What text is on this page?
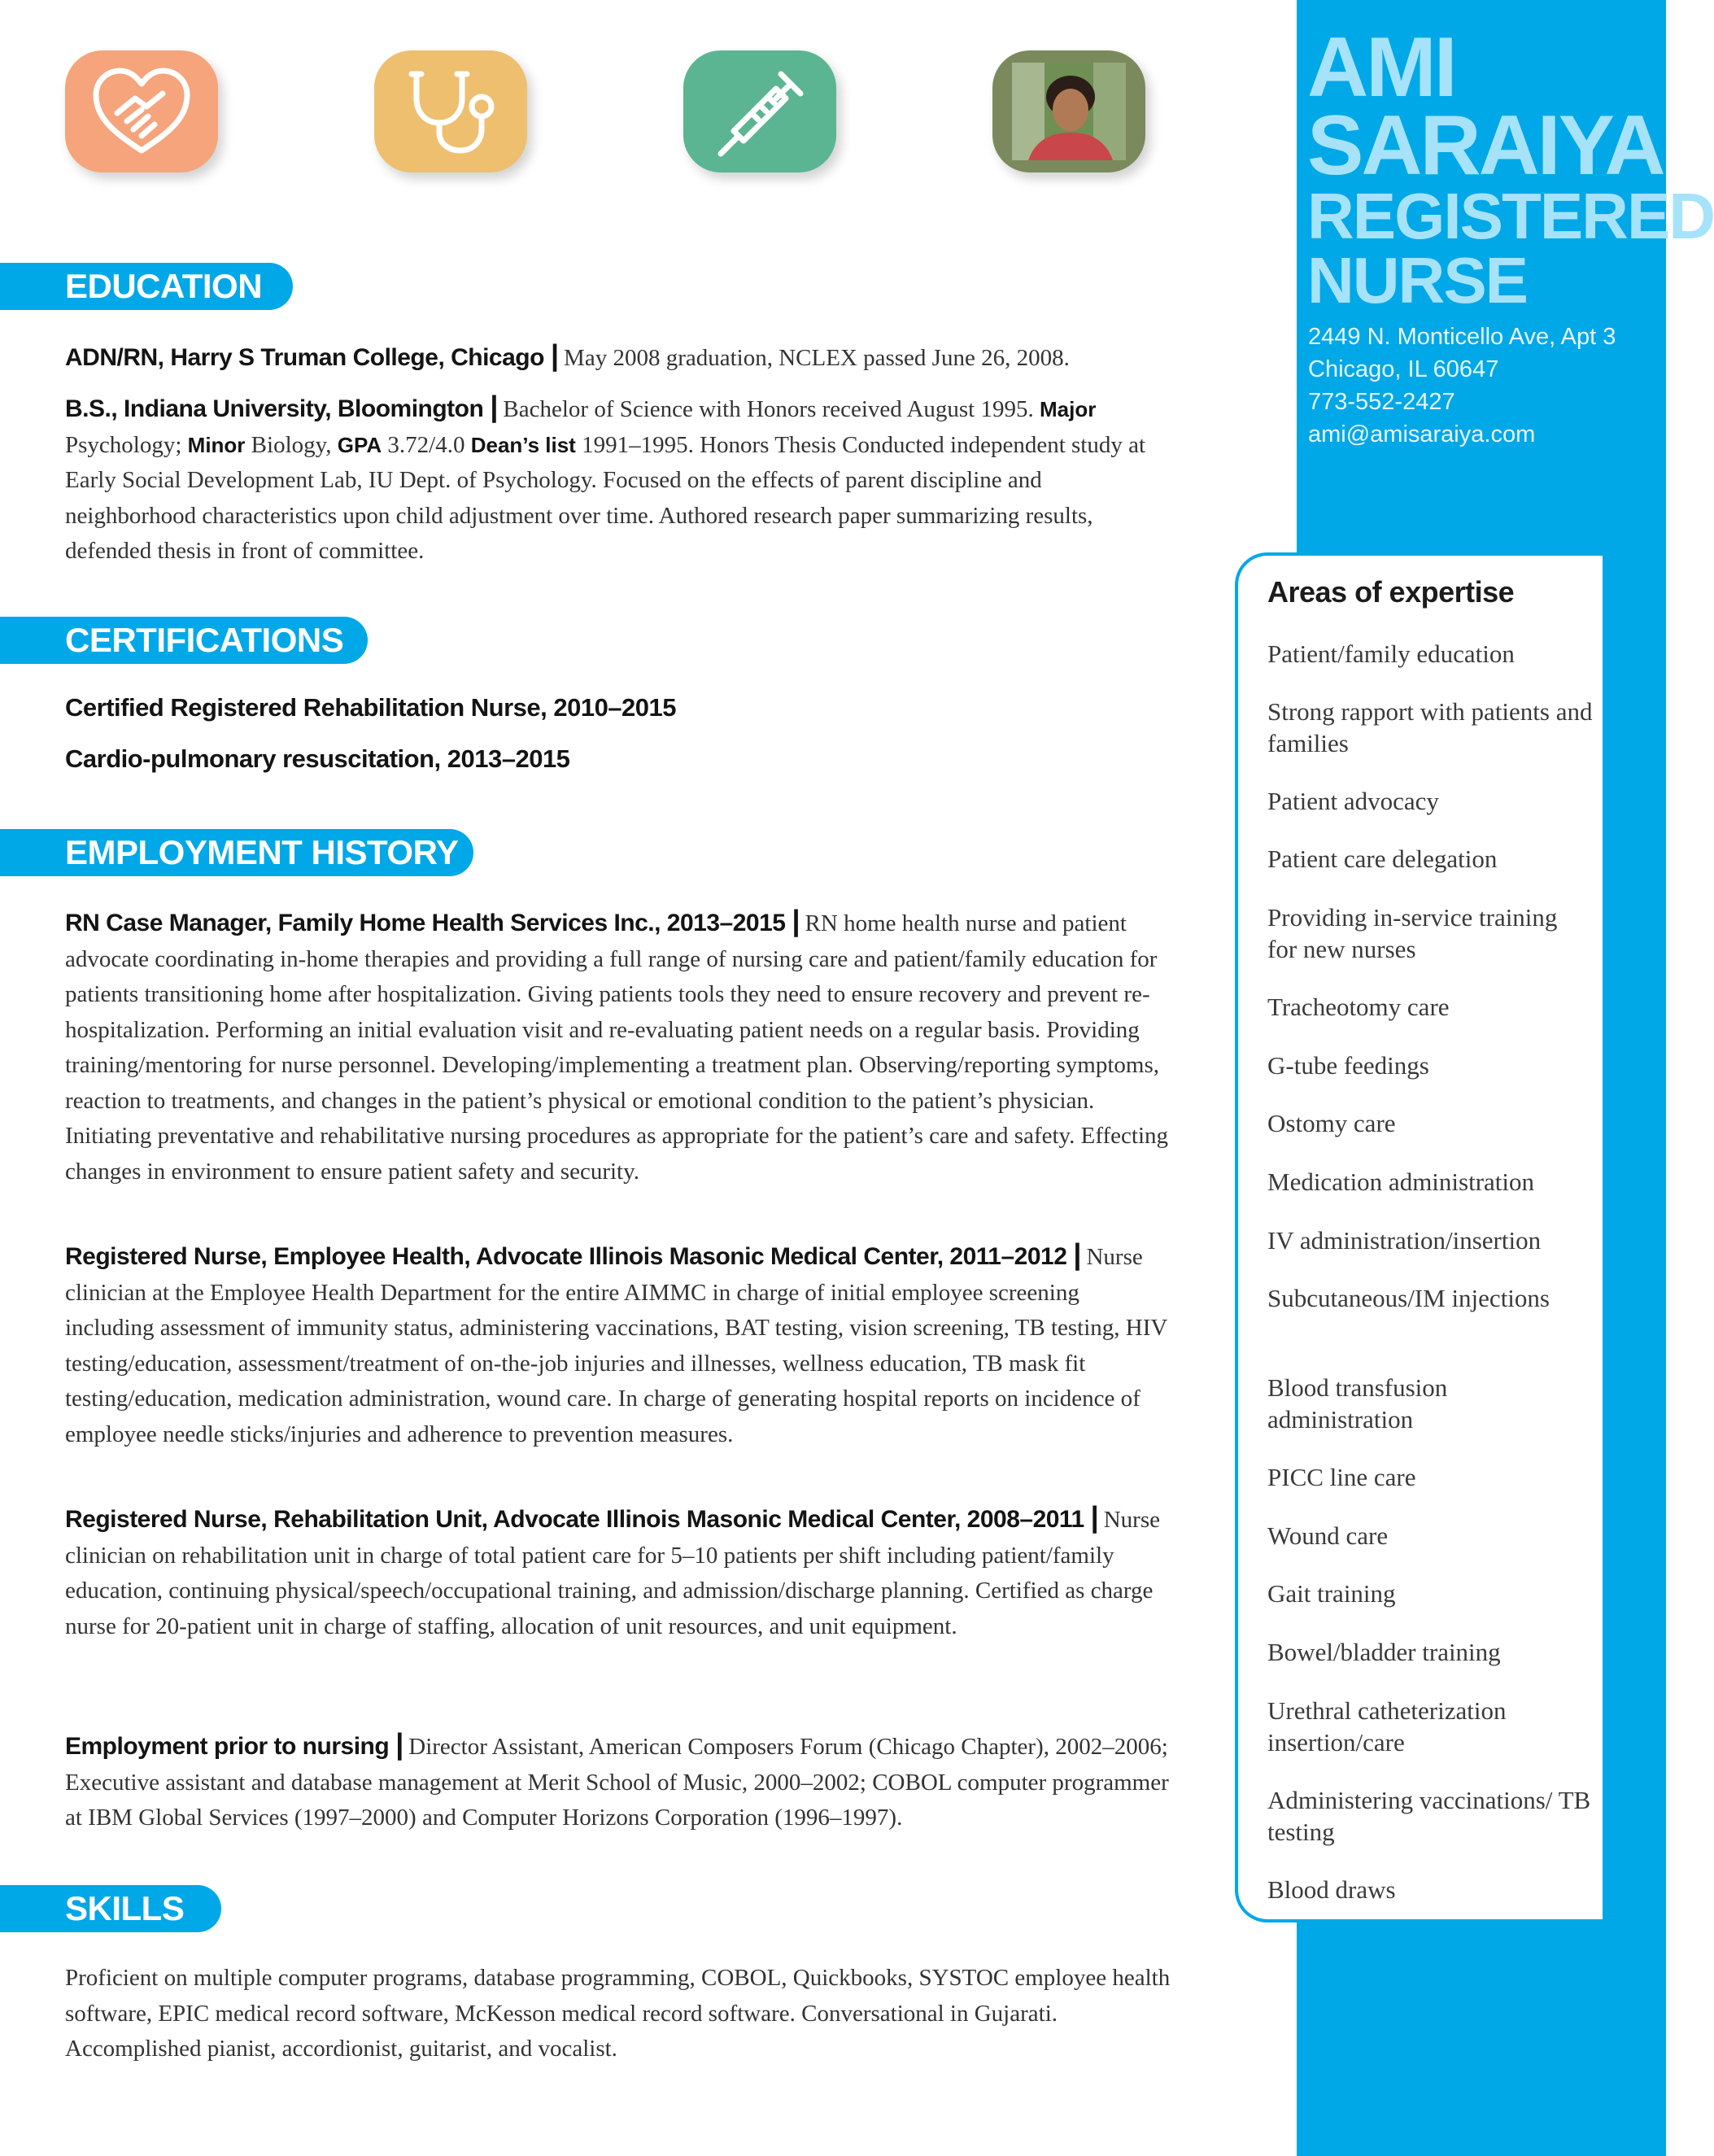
AMI

SARAIYA

REGISTERED

NURSE

2449 N. Monticello Ave, Apt 3
Chicago, IL 60647
773-552-2427
ami@amisaraiya.com

Areas of expertise

Patient/family education
Strong rapport with patients and families
Patient advocacy
Patient care delegation
Providing in-service training for new nurses
Tracheotomy care
G-tube feedings
Ostomy care
Medication administration
IV administration/insertion
Subcutaneous/IM injections
Blood transfusion administration
PICC line care
Wound care
Gait training
Bowel/bladder training
Urethral catheterization insertion/care
Administering vaccinations/ TB testing
Blood draws
EDUCATION

ADN/RN, Harry S Truman College, Chicago | May 2008 graduation, NCLEX passed June 26, 2008.

B.S., Indiana University, Bloomington | Bachelor of Science with Honors received August 1995. Major Psychology; Minor Biology, GPA 3.72/4.0 Dean’s list 1991–1995. Honors Thesis Conducted independent study at Early Social Development Lab, IU Dept. of Psychology. Focused on the effects of parent discipline and neighborhood characteristics upon child adjustment over time. Authored research paper summarizing results, defended thesis in front of committee.

CERTIFICATIONS

Certified Registered Rehabilitation Nurse, 2010–2015

Cardio-pulmonary resuscitation, 2013–2015

EMPLOYMENT HISTORY

RN Case Manager, Family Home Health Services Inc., 2013–2015 | RN home health nurse and patient advocate coordinating in-home therapies and providing a full range of nursing care and patient/family education for patients transitioning home after hospitalization. Giving patients tools they need to ensure recovery and prevent re-hospitalization. Performing an initial evaluation visit and re-evaluating patient needs on a regular basis. Providing training/mentoring for nurse personnel. Developing/implementing a treatment plan. Observing/reporting symptoms, reaction to treatments, and changes in the patient’s physical or emotional condition to the patient’s physician. Initiating preventative and rehabilitative nursing procedures as appropriate for the patient’s care and safety. Effecting changes in environment to ensure patient safety and security.

Registered Nurse, Employee Health, Advocate Illinois Masonic Medical Center, 2011–2012 | Nurse clinician at the Employee Health Department for the entire AIMMC in charge of initial employee screening including assessment of immunity status, administering vaccinations, BAT testing, vision screening, TB testing, HIV testing/education, assessment/treatment of on-the-job injuries and illnesses, wellness education, TB mask fit testing/education, medication administration, wound care. In charge of generating hospital reports on incidence of employee needle sticks/injuries and adherence to prevention measures.

Registered Nurse, Rehabilitation Unit, Advocate Illinois Masonic Medical Center, 2008–2011 | Nurse clinician on rehabilitation unit in charge of total patient care for 5–10 patients per shift including patient/family education, continuing physical/speech/occupational training, and admission/discharge planning. Certified as charge nurse for 20-patient unit in charge of staffing, allocation of unit resources, and unit equipment.

Employment prior to nursing | Director Assistant, American Composers Forum (Chicago Chapter), 2002–2006; Executive assistant and database management at Merit School of Music, 2000–2002; COBOL computer programmer at IBM Global Services (1997–2000) and Computer Horizons Corporation (1996–1997).

SKILLS

Proficient on multiple computer programs, database programming, COBOL, Quickbooks, SYSTOC employee health software, EPIC medical record software, McKesson medical record software. Conversational in Gujarati. Accomplished pianist, accordionist, guitarist, and vocalist.
